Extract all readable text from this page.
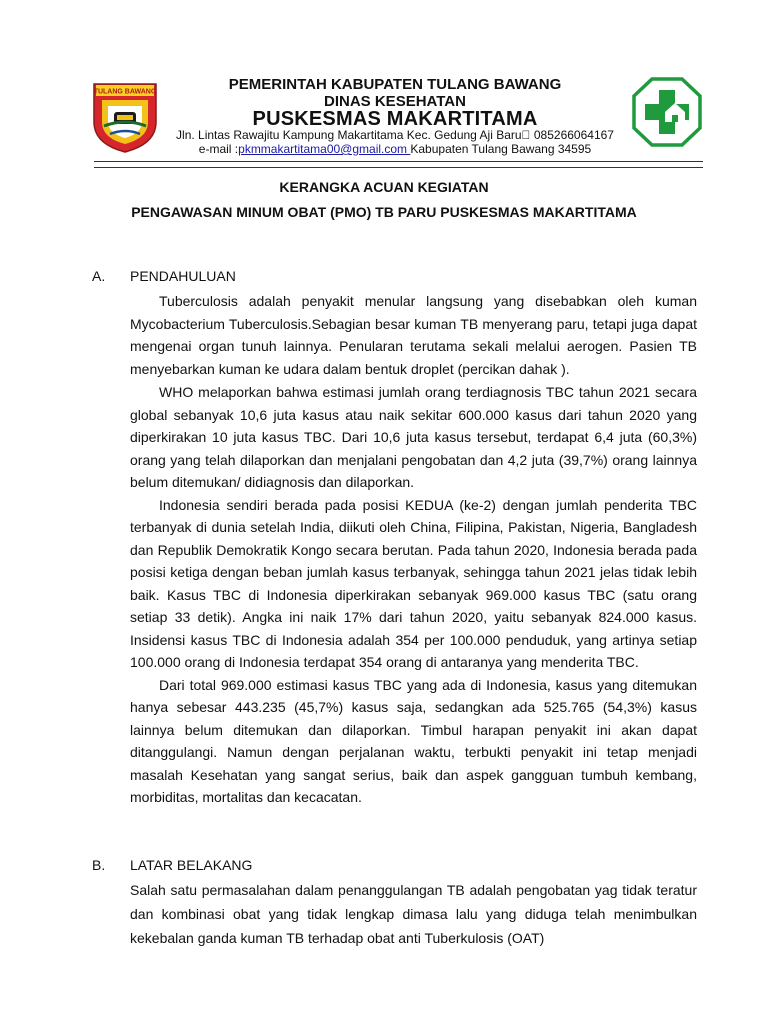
TULANG BAWANG	PEMERINTAH KABUPATEN TULANG BAWANG
DINAS KESEHATAN
PUSKESMAS MAKARTITAMA
Jln. Lintas Rawajitu Kampung Makartitama Kec. Gedung Aji Baru  085266064167
e-mail :pkmmakartitama00@gmail.com Kabupaten Tulang Bawang 34595
KERANGKA ACUAN KEGIATAN
PENGAWASAN MINUM OBAT (PMO) TB PARU PUSKESMAS MAKARTITAMA
A. PENDAHULUAN

Tuberculosis adalah penyakit menular langsung yang disebabkan oleh kuman Mycobacterium Tuberculosis.Sebagian besar kuman TB menyerang paru, tetapi juga dapat mengenai organ tunuh lainnya. Penularan terutama sekali melalui aerogen. Pasien TB menyebarkan kuman ke udara dalam bentuk droplet (percikan dahak ).

WHO melaporkan bahwa estimasi jumlah orang terdiagnosis TBC tahun 2021 secara global sebanyak 10,6 juta kasus atau naik sekitar 600.000 kasus dari tahun 2020 yang diperkirakan 10 juta kasus TBC. Dari 10,6 juta kasus tersebut, terdapat 6,4 juta (60,3%) orang yang telah dilaporkan dan menjalani pengobatan dan 4,2 juta (39,7%) orang lainnya belum ditemukan/ didiagnosis dan dilaporkan.

Indonesia sendiri berada pada posisi KEDUA (ke-2) dengan jumlah penderita TBC terbanyak di dunia setelah India, diikuti oleh China, Filipina, Pakistan, Nigeria, Bangladesh dan Republik Demokratik Kongo secara berutan. Pada tahun 2020, Indonesia berada pada posisi ketiga dengan beban jumlah kasus terbanyak, sehingga tahun 2021 jelas tidak lebih baik. Kasus TBC di Indonesia diperkirakan sebanyak 969.000 kasus TBC (satu orang setiap 33 detik). Angka ini naik 17% dari tahun 2020, yaitu sebanyak 824.000 kasus. Insidensi kasus TBC di Indonesia adalah 354 per 100.000 penduduk, yang artinya setiap 100.000 orang di Indonesia terdapat 354 orang di antaranya yang menderita TBC.

Dari total 969.000 estimasi kasus TBC yang ada di Indonesia, kasus yang ditemukan hanya sebesar 443.235 (45,7%) kasus saja, sedangkan ada 525.765 (54,3%) kasus lainnya belum ditemukan dan dilaporkan. Timbul harapan penyakit ini akan dapat ditanggulangi. Namun dengan perjalanan waktu, terbukti penyakit ini tetap menjadi masalah Kesehatan yang sangat serius, baik dan aspek gangguan tumbuh kembang, morbiditas, mortalitas dan kecacatan.

B. LATAR BELAKANG

Salah satu permasalahan dalam penanggulangan TB adalah pengobatan yag tidak teratur dan kombinasi obat yang tidak lengkap dimasa lalu yang diduga telah menimbulkan kekebalan ganda kuman TB terhadap obat anti Tuberkulosis (OAT)
